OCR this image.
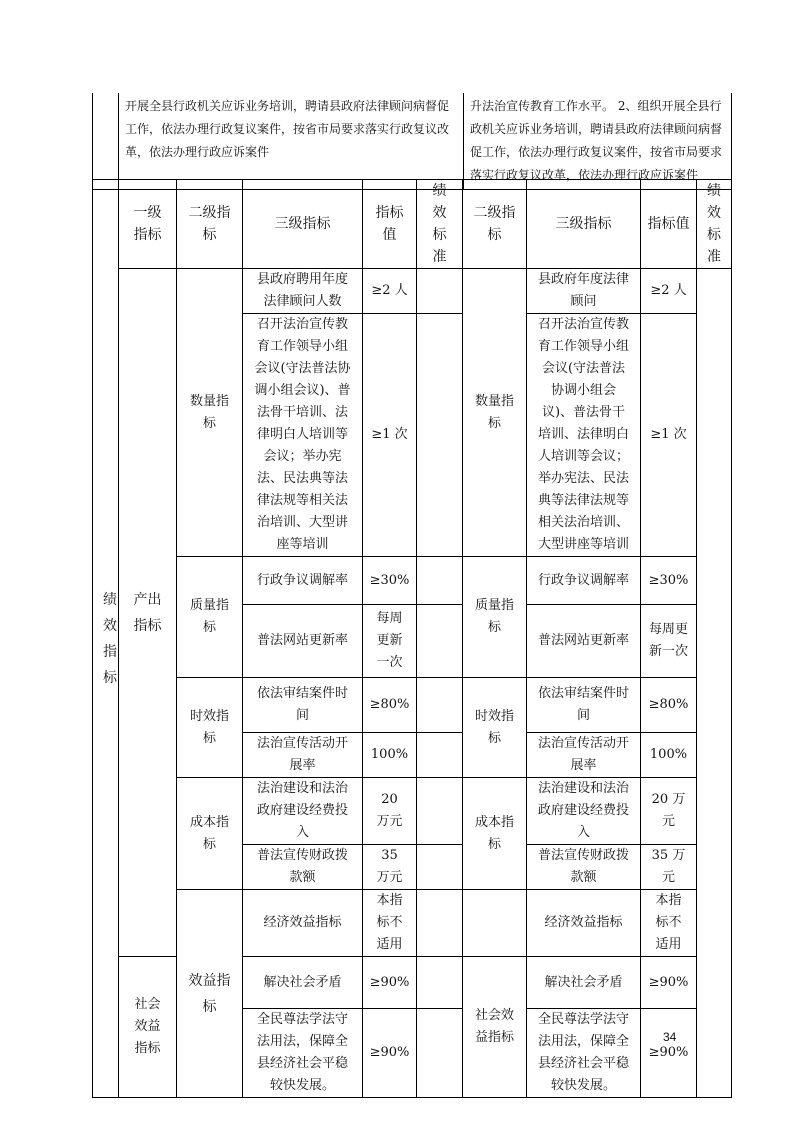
	开展全县行政机关应诉业务培训，聘请县政府法律顾问病督促工作，依法办理行政复议案件，按省市局要求落实行政复议改革，依法办理行政应诉案件	升法治宣传教育工作水平。 2、组织开展全县行政机关应诉业务培训，聘请县政府法律顾问病督促工作，依法办理行政复议案件，按省市局要求落实行政复议改革，依法办理行政应诉案件
绩效指标	一级指标	二级指标	三级指标	指标值	绩效标准	二级指标	三级指标	指标值	绩效标准	
	产出指标	数量指标	县政府聘用年度法律顾问人数	≥2 人		数量指标	县政府年度法律顾问	≥2 人		
			召开法治宣传教育工作领导小组会议(守法普法协调小组会议)、普法骨干培训、法律明白人培训等会议；举办宪法、民法典等法律法规等相关法治培训、大型讲座等培训	≥1 次			召开法治宣传教育工作领导小组会议(守法普法协调小组会议)、普法骨干培训、法律明白人培训等会议；举办宪法、民法典等法律法规等相关法治培训、大型讲座等培训	≥1 次		
		质量指标	行政争议调解率	≥30%		质量指标	行政争议调解率	≥30%		
			普法网站更新率	每周更新一次			普法网站更新率	每周更新一次		
		时效指标	依法审结案件时间	≥80%		时效指标	依法审结案件时间	≥80%		
			法治宣传活动开展率	100%			法治宣传活动开展率	100%		
		成本指标	法治建设和法治政府建设经费投入	20 万元		成本指标	法治建设和法治政府建设经费投入	20 万元		
			普法宣传财政拨款额	35 万元			普法宣传财政拨款额	35 万元		
		效益指标	经济效益指标	本指标不适用			经济效益指标	本指标不适用		
	社会效益指标		解决社会矛盾	≥90%		社会效益指标	解决社会矛盾	≥90%		
			全民尊法学法守法用法，保障全县经济社会平稳较快发展。	≥90%			全民尊法学法守法用法，保障全县经济社会平稳较快发展。	≥90%		
34
